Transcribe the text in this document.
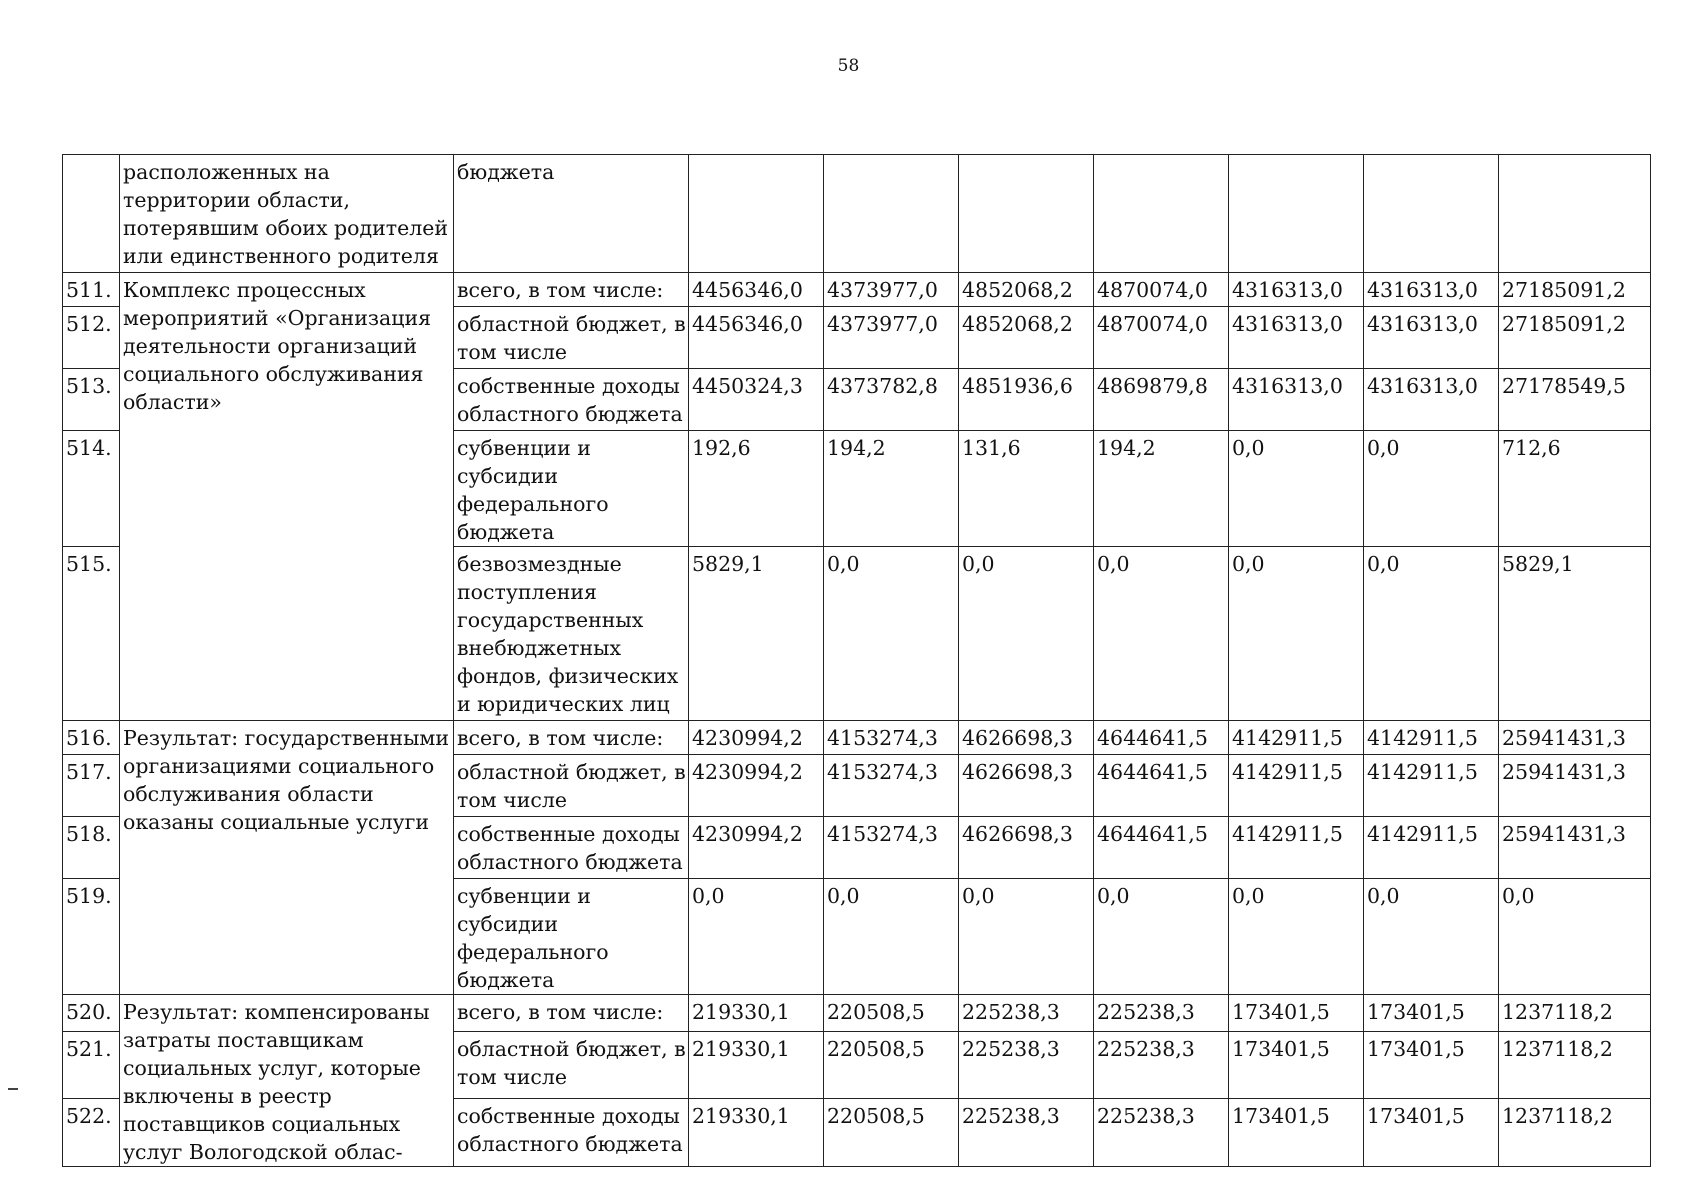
58
	расположенных на территории области, потерявшим обоих родителей или единственного родителя	бюджета							
511.	Комплекс процессных мероприятий «Организация деятельности организаций социального обслуживания области»	всего, в том числе:	4456346,0	4373977,0	4852068,2	4870074,0	4316313,0	4316313,0	27185091,2
512.		областной бюджет, в том числе	4456346,0	4373977,0	4852068,2	4870074,0	4316313,0	4316313,0	27185091,2
513.		собственные доходы областного бюджета	4450324,3	4373782,8	4851936,6	4869879,8	4316313,0	4316313,0	27178549,5
514.		субвенции и субсидии федерального бюджета	192,6	194,2	131,6	194,2	0,0	0,0	712,6
515.		безвозмездные поступления государственных внебюджетных фондов, физических и юридических лиц	5829,1	0,0	0,0	0,0	0,0	0,0	5829,1
516.	Результат: государственными организациями социального обслуживания области оказаны социальные услуги	всего, в том числе:	4230994,2	4153274,3	4626698,3	4644641,5	4142911,5	4142911,5	25941431,3
517.		областной бюджет, в том числе	4230994,2	4153274,3	4626698,3	4644641,5	4142911,5	4142911,5	25941431,3
518.		собственные доходы областного бюджета	4230994,2	4153274,3	4626698,3	4644641,5	4142911,5	4142911,5	25941431,3
519.		субвенции и субсидии федерального бюджета	0,0	0,0	0,0	0,0	0,0	0,0	0,0
520.	Результат: компенсированы затраты поставщикам социальных услуг, которые включены в реестр поставщиков социальных услуг Вологодской облас-	всего, в том числе:	219330,1	220508,5	225238,3	225238,3	173401,5	173401,5	1237118,2
521.		областной бюджет, в том числе	219330,1	220508,5	225238,3	225238,3	173401,5	173401,5	1237118,2
522.		собственные доходы областного бюджета	219330,1	220508,5	225238,3	225238,3	173401,5	173401,5	1237118,2
